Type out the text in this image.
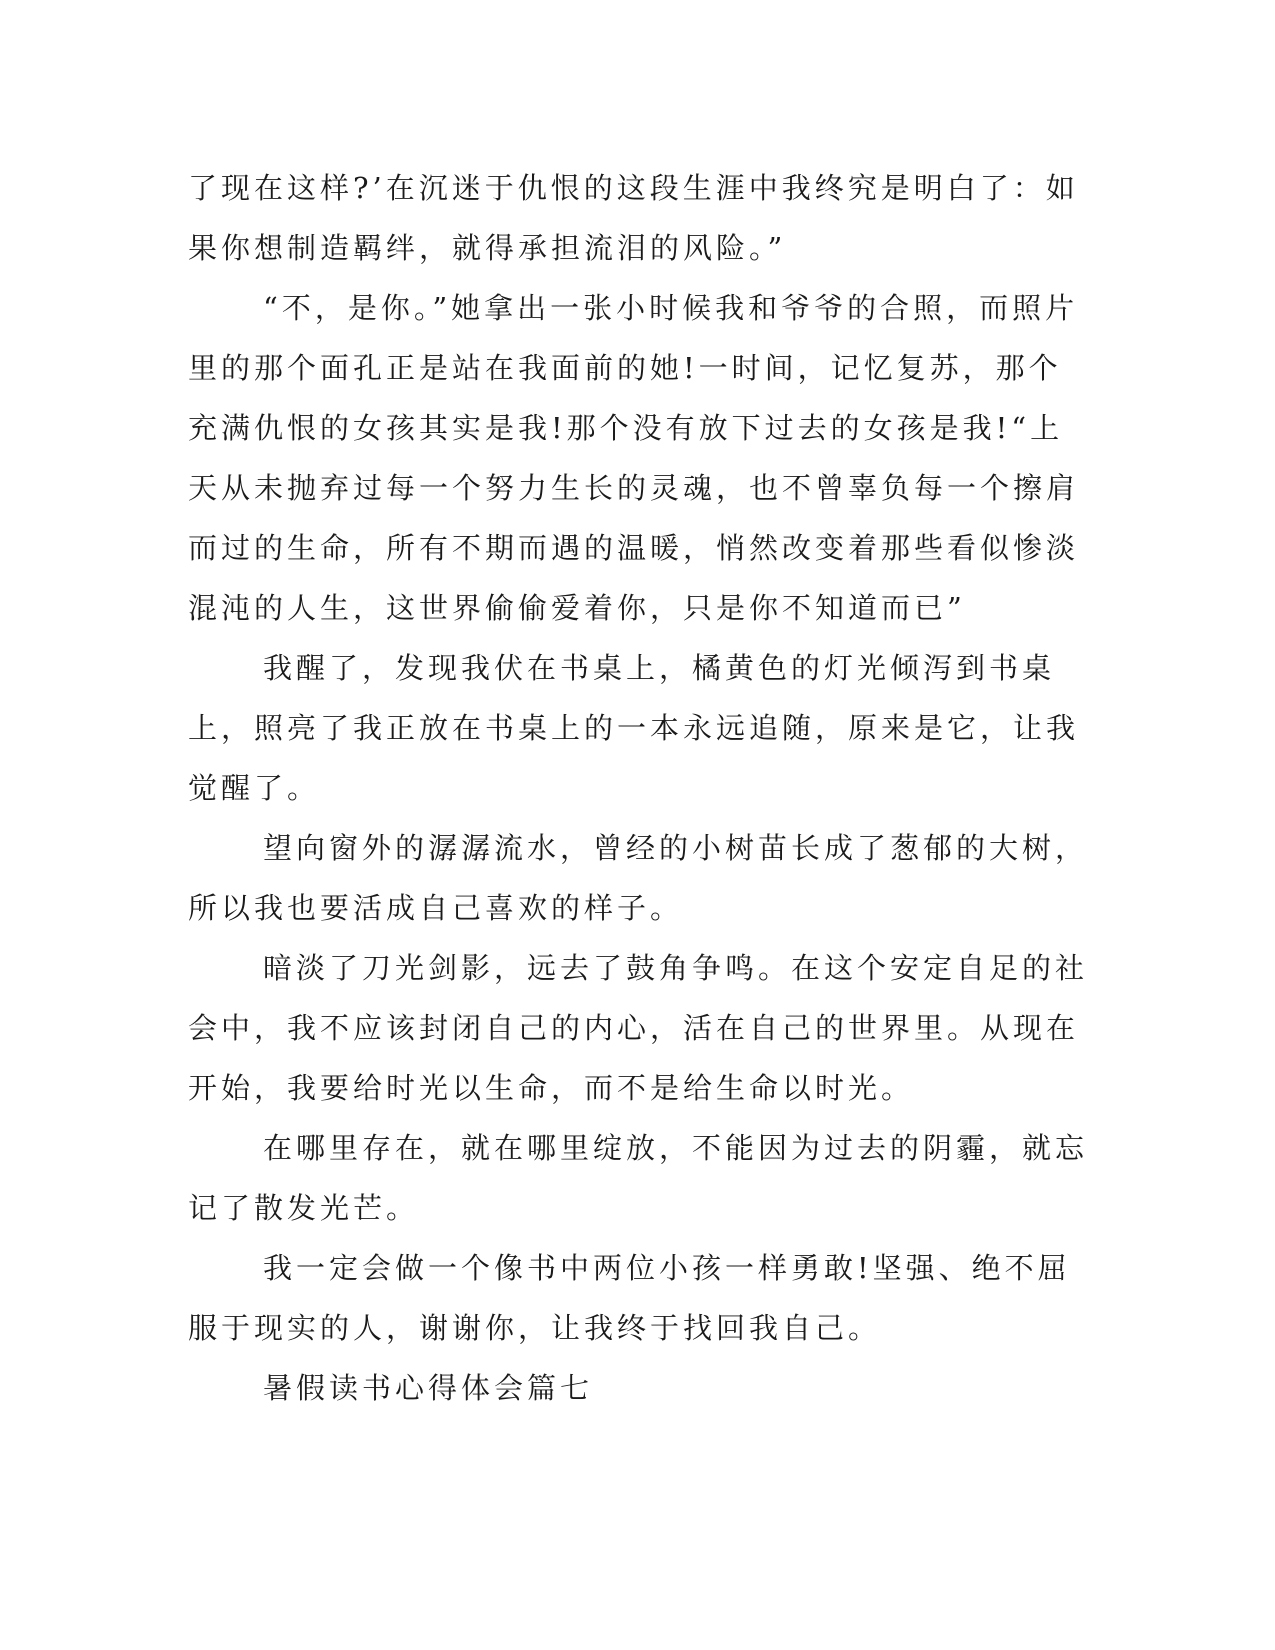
了现在这样?’在沉迷于仇恨的这段生涯中我终究是明白了：如果你想制造羁绊，就得承担流泪的风险。”

“不，是你。”她拿出一张小时候我和爷爷的合照，而照片里的那个面孔正是站在我面前的她!一时间，记忆复苏，那个充满仇恨的女孩其实是我!那个没有放下过去的女孩是我!“上天从未抛弃过每一个努力生长的灵魂，也不曾辜负每一个擦肩而过的生命，所有不期而遇的温暖，悄然改变着那些看似惨淡混沌的人生，这世界偷偷爱着你，只是你不知道而已”

我醒了，发现我伏在书桌上，橘黄色的灯光倾泻到书桌上，照亮了我正放在书桌上的一本永远追随，原来是它，让我觉醒了。

望向窗外的潺潺流水，曾经的小树苗长成了葱郁的大树，所以我也要活成自己喜欢的样子。

暗淡了刀光剑影，远去了鼓角争鸣。在这个安定自足的社会中，我不应该封闭自己的内心，活在自己的世界里。从现在开始，我要给时光以生命，而不是给生命以时光。

在哪里存在，就在哪里绽放，不能因为过去的阴霾，就忘记了散发光芒。

我一定会做一个像书中两位小孩一样勇敢!坚强、绝不屈服于现实的人，谢谢你，让我终于找回我自己。

暑假读书心得体会篇七
